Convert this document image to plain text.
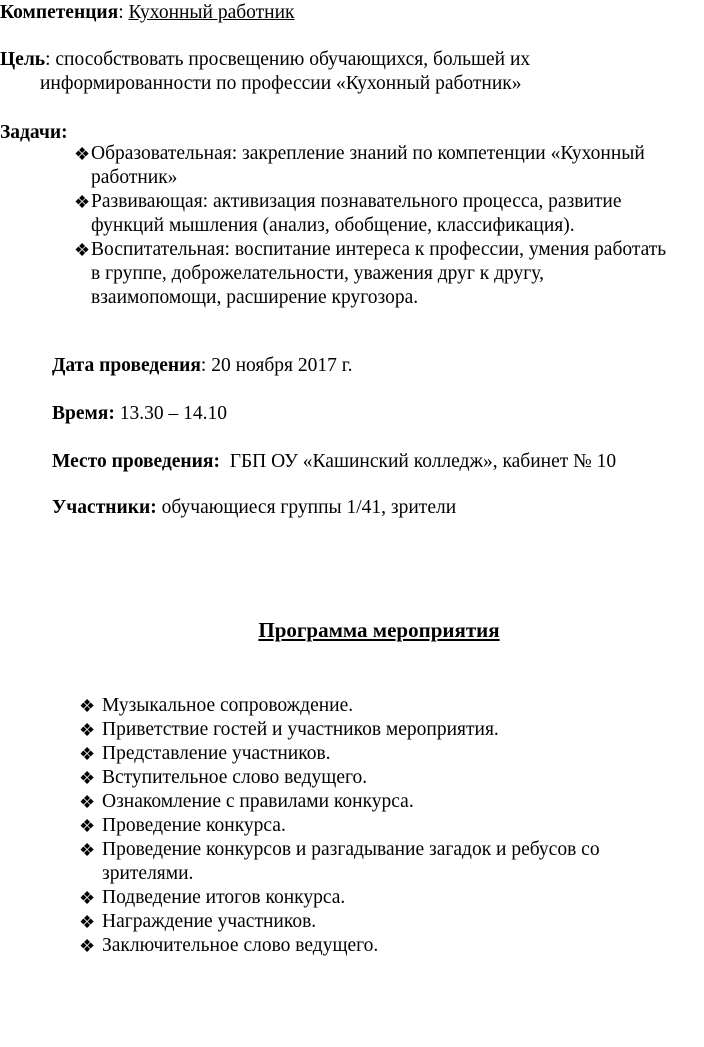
Компетенция: Кухонный работник
Цель: способствовать просвещению обучающихся, большей их информированности по профессии «Кухонный работник»
Задачи:
❖ Образовательная: закрепление знаний по компетенции «Кухонный
работник»
❖ Развивающая: активизация познавательного процесса, развитие
функций мышления (анализ, обобщение, классификация).
❖ Воспитательная: воспитание интереса к профессии, умения работать
в группе, доброжелательности, уважения друг к другу,
взаимопомощи, расширение кругозора.
Дата проведения: 20 ноября 2017 г.
Время: 13.30 – 14.10
Место проведения: ГБП ОУ «Кашинский колледж», кабинет № 10
Участники: обучающиеся группы 1/41, зрители
Программа мероприятия
❖ Музыкальное сопровождение.
❖ Приветствие гостей и участников мероприятия.
❖ Представление участников.
❖ Вступительное слово ведущего.
❖ Ознакомление с правилами конкурса.
❖ Проведение конкурса.
❖ Проведение конкурсов и разгадывание загадок и ребусов со
зрителями.
❖ Подведение итогов конкурса.
❖ Награждение участников.
❖ Заключительное слово ведущего.
